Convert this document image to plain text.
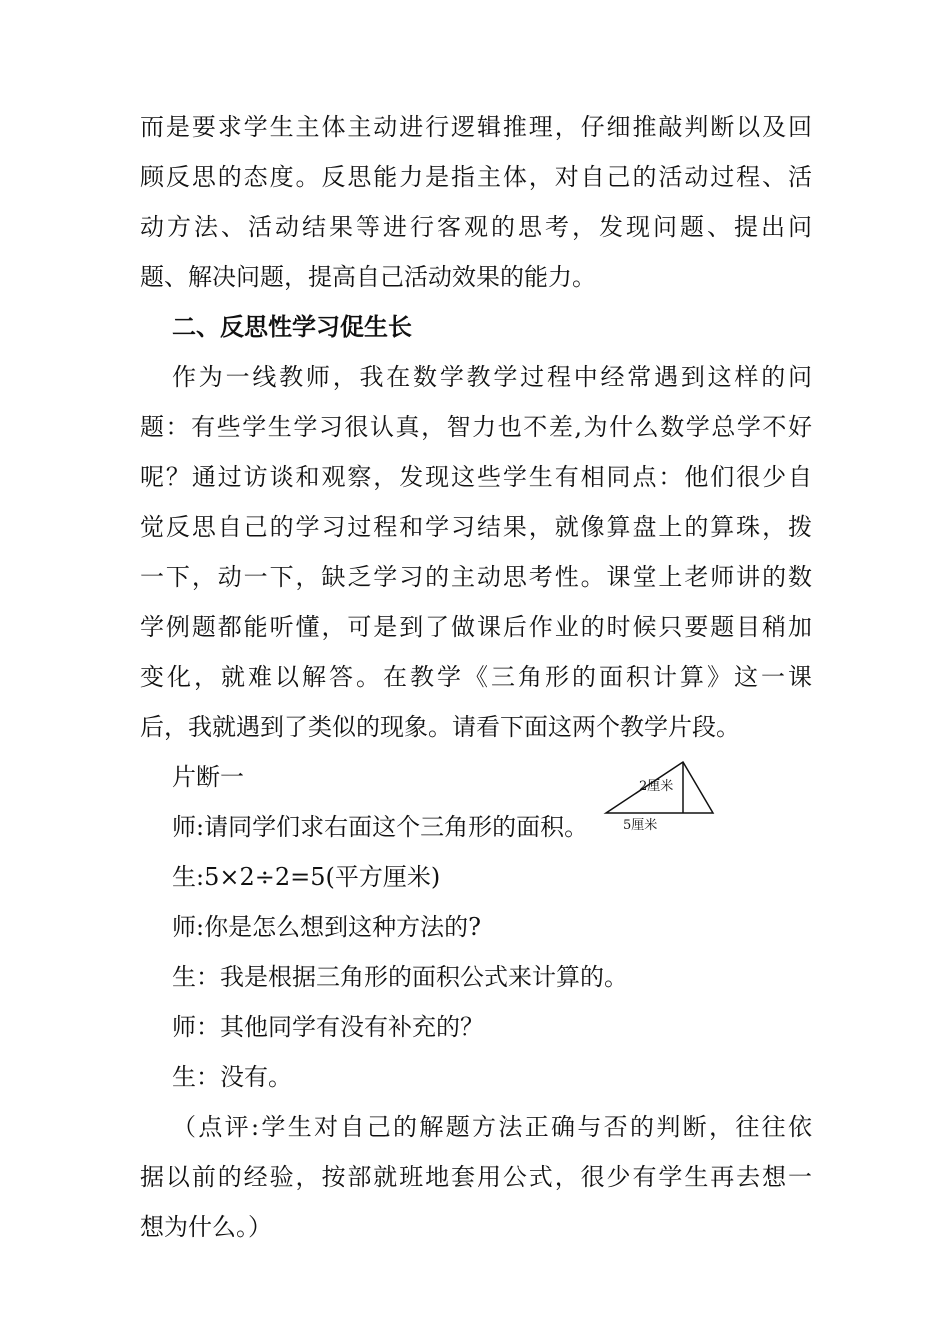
而是要求学生主体主动进行逻辑推理，仔细推敲判断以及回
顾反思的态度。反思能力是指主体，对自己的活动过程、活
动方法、活动结果等进行客观的思考，发现问题、提出问
题、解决问题，提高自己活动效果的能力。
二、反思性学习促生长
作为一线教师，我在数学教学过程中经常遇到这样的问
题：有些学生学习很认真，智力也不差,为什么数学总学不好
呢？通过访谈和观察，发现这些学生有相同点：他们很少自
觉反思自己的学习过程和学习结果，就像算盘上的算珠，拨
一下，动一下，缺乏学习的主动思考性。课堂上老师讲的数
学例题都能听懂，可是到了做课后作业的时候只要题目稍加
变化，就难以解答。在教学《三角形的面积计算》这一课
后，我就遇到了类似的现象。请看下面这两个教学片段。
片断一
师:请同学们求右面这个三角形的面积。
生:5×2÷2=5(平方厘米)
师:你是怎么想到这种方法的?
生：我是根据三角形的面积公式来计算的。
师：其他同学有没有补充的？
生：没有。
2厘米
5厘米
（点评:学生对自己的解题方法正确与否的判断，往往依
据以前的经验，按部就班地套用公式，很少有学生再去想一
想为什么。）
